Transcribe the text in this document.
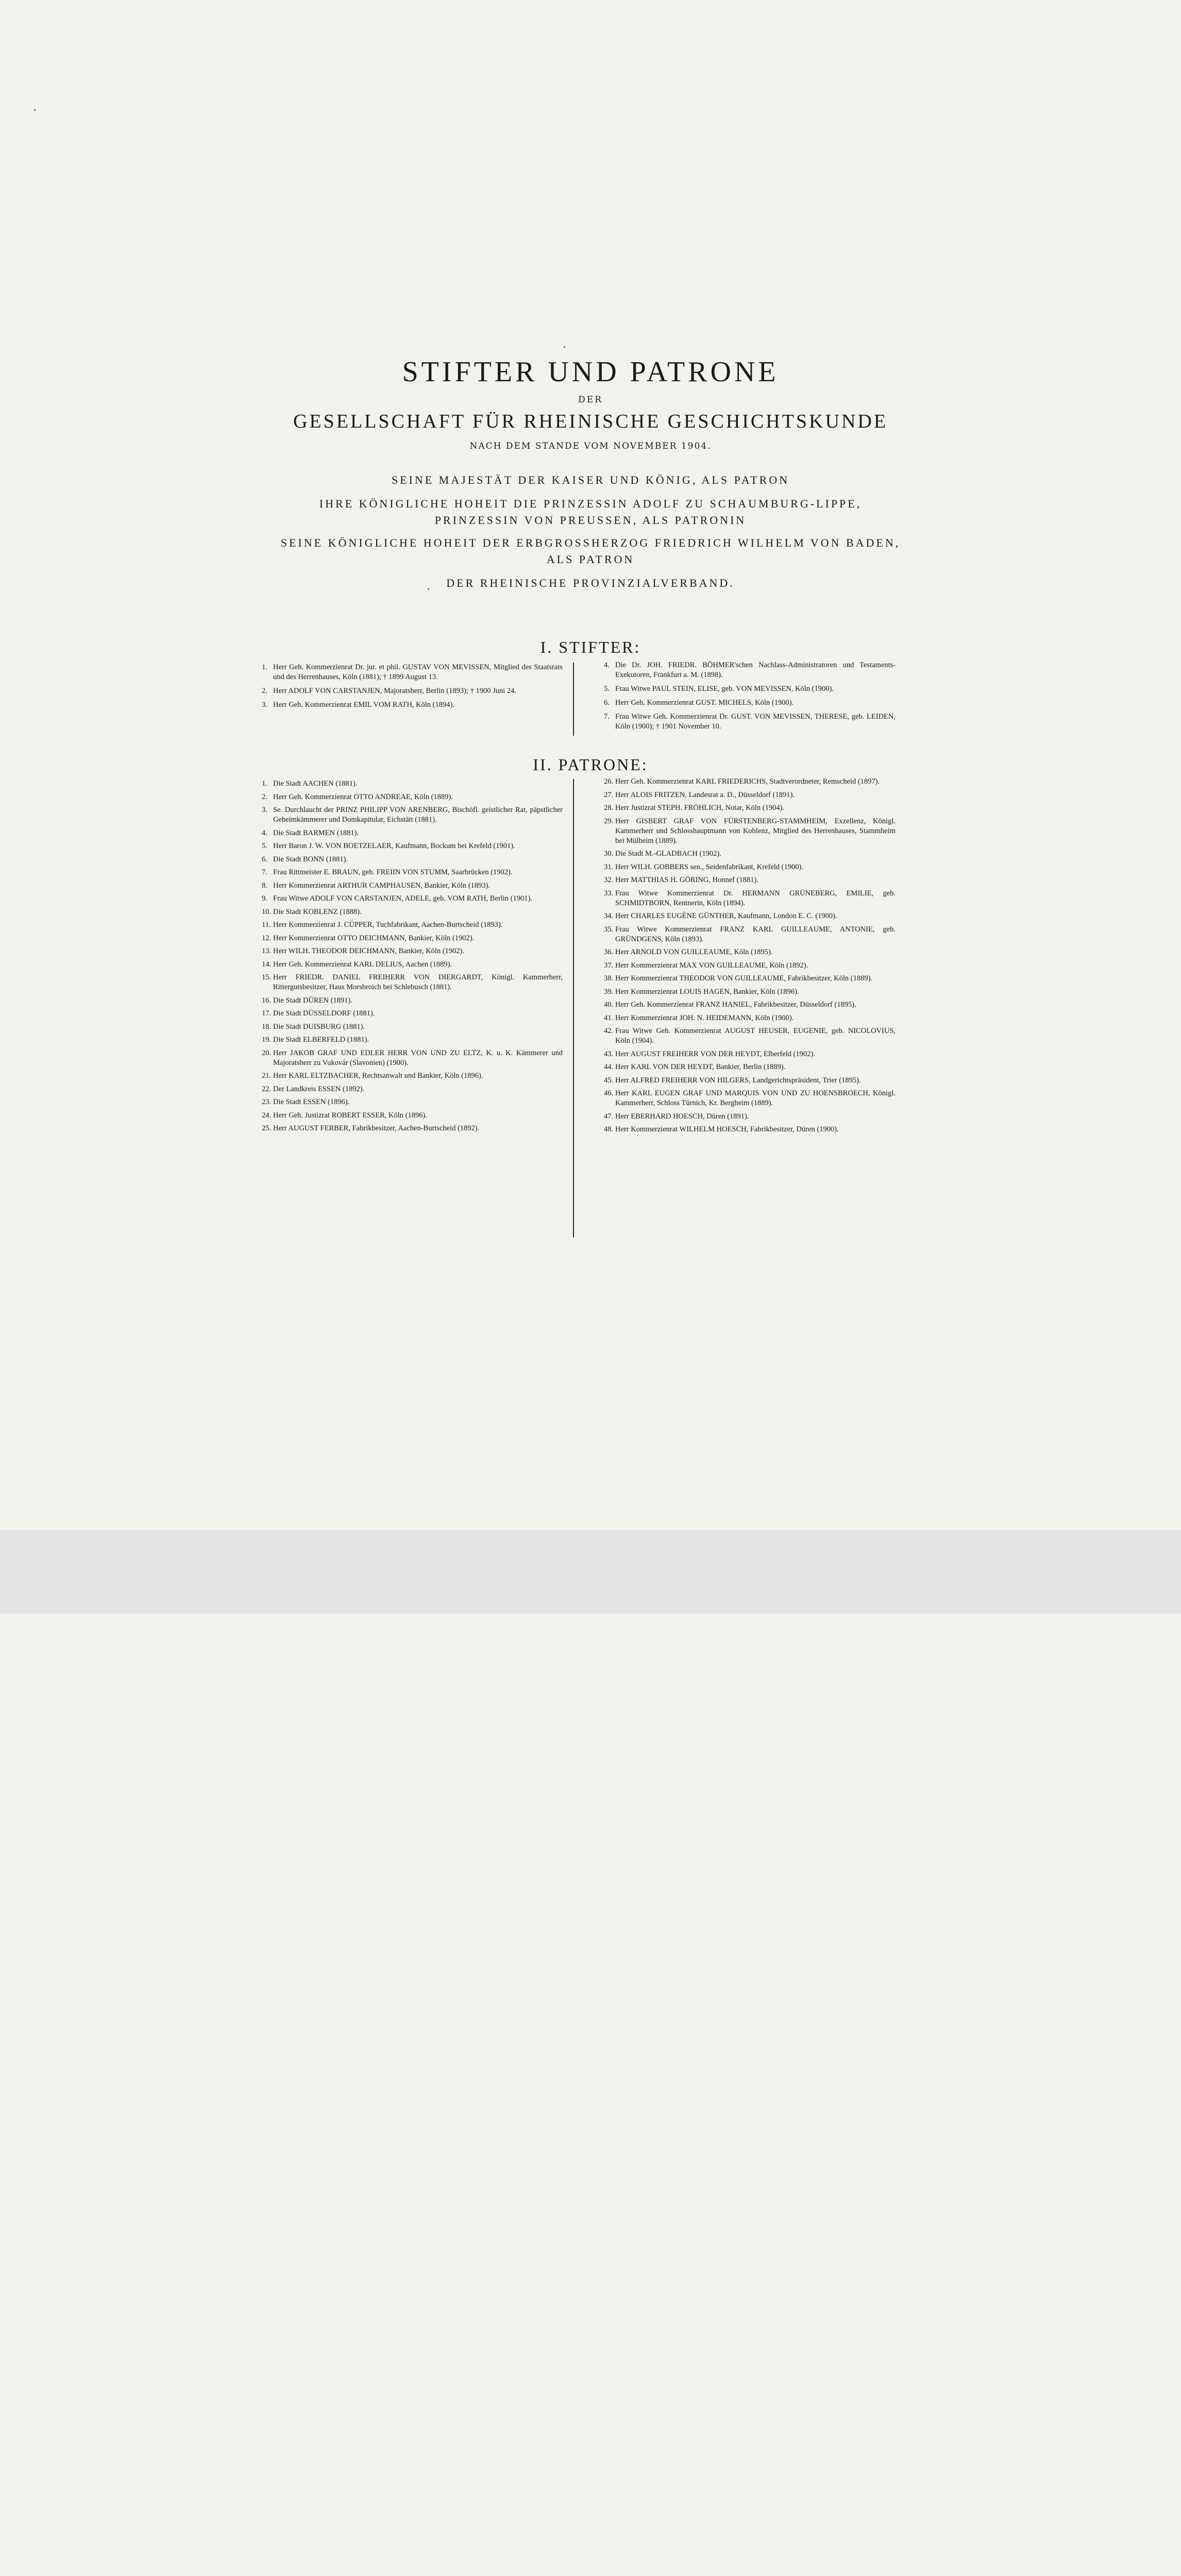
STIFTER UND PATRONE
DER
GESELLSCHAFT FÜR RHEINISCHE GESCHICHTSKUNDE
NACH DEM STANDE VOM NOVEMBER 1904.
SEINE MAJESTÄT DER KAISER UND KÖNIG, ALS PATRON
IHRE KÖNIGLICHE HOHEIT DIE PRINZESSIN ADOLF ZU SCHAUMBURG-LIPPE,
PRINZESSIN VON PREUSSEN, ALS PATRONIN
SEINE KÖNIGLICHE HOHEIT DER ERBGROSSHERZOG FRIEDRICH WILHELM VON BADEN,
ALS PATRON
DER RHEINISCHE PROVINZIALVERBAND.
I. STIFTER:
1. Herr Geh. Kommerzienrat Dr. jur. et phil. GUSTAV VON MEVISSEN, Mitglied des Staatsrats und des Herrenhauses, Köln (1881); † 1899 August 13.
2. Herr ADOLF VON CARSTANJEN, Majoratsherr, Berlin (1893); † 1900 Juni 24.
3. Herr Geh. Kommerzienrat EMIL VOM RATH, Köln (1894).
4. Die Dr. JOH. FRIEDR. BÖHMER'schen Nachlass-Administratoren und Testaments-Exekutoren, Frankfurt a. M. (1898).
5. Frau Witwe PAUL STEIN, ELISE, geb. VON MEVISSEN, Köln (1900).
6. Herr Geh. Kommerzienrat GUST. MICHELS, Köln (1900).
7. Frau Witwe Geh. Kommerzienrat Dr. GUST. VON MEVISSEN, THERESE, geb. LEIDEN, Köln (1900); † 1901 November 10.
II. PATRONE:
1. Die Stadt AACHEN (1881).
2. Herr Geh. Kommerzienrat OTTO ANDREAE, Köln (1889).
3. Se. Durchlaucht der PRINZ PHILIPP VON ARENBERG, Bischöfl. geistlicher Rat, päpstlicher Geheimkämmerer und Domkapitular, Eichstätt (1881).
4. Die Stadt BARMEN (1881).
5. Herr Baron J. W. VON BOETZELAER, Kaufmann, Bockum bei Krefeld (1901).
6. Die Stadt BONN (1881).
7. Frau Rittmeister E. BRAUN, geb. FREIIN VON STUMM, Saarbrücken (1902).
8. Herr Kommerzienrat ARTHUR CAMPHAUSEN, Bankier, Köln (1893).
9. Frau Witwe ADOLF VON CARSTANJEN, ADELE, geb. VOM RATH, Berlin (1901).
10. Die Stadt KOBLENZ (1888).
11. Herr Kommerzienrat J. CÜPPER, Tuchfabrikant, Aachen-Burtscheid (1893).
12. Herr Kommerzienrat OTTO DEICHMANN, Bankier, Köln (1902).
13. Herr WILH. THEODOR DEICHMANN, Bankier, Köln (1902).
14. Herr Geh. Kommerzienrat KARL DELIUS, Aachen (1889).
15. Herr FRIEDR. DANIEL FREIHERR VON DIERGARDT, Königl. Kammerherr, Rittergutsbesitzer, Haus Morsbroich bei Schlebusch (1881).
16. Die Stadt DÜREN (1891).
17. Die Stadt DÜSSELDORF (1881).
18. Die Stadt DUISBURG (1881).
19. Die Stadt ELBERFELD (1881).
20. Herr JAKOB GRAF UND EDLER HERR VON UND ZU ELTZ, K. u. K. Kämmerer und Majoratsherr zu Vukovár (Slavonien) (1900).
21. Herr KARL ELTZBACHER, Rechtsanwalt und Bankier, Köln (1896).
22. Der Landkreis ESSEN (1892).
23. Die Stadt ESSEN (1896).
24. Herr Geh. Justizrat ROBERT ESSER, Köln (1896).
25. Herr AUGUST FERBER, Fabrikbesitzer, Aachen-Burtscheid (1892).
26. Herr Geh. Kommerzienrat KARL FRIEDERICHS, Stadtverordneter, Remscheid (1897).
27. Herr ALOIS FRITZEN, Landesrat a. D., Düsseldorf (1891).
28. Herr Justizrat STEPH. FRÖHLICH, Notar, Köln (1904).
29. Herr GISBERT GRAF VON FÜRSTENBERG-STAMMHEIM, Exzellenz, Königl. Kammerherr und Schlosshauptmann von Koblenz, Mitglied des Herrenhauses, Stammheim bei Mülheim (1889).
30. Die Stadt M.-GLADBACH (1902).
31. Herr WILH. GOBBERS sen., Seidenfabrikant, Krefeld (1900).
32. Herr MATTHIAS H. GÖRING, Honnef (1881).
33. Frau Witwe Kommerzienrat Dr. HERMANN GRÜNEBERG, EMILIE, geb. SCHMIDTBORN, Rentnerin, Köln (1894).
34. Herr CHARLES EUGÈNE GÜNTHER, Kaufmann, London E. C. (1900).
35. Frau Witwe Kommerzienrat FRANZ KARL GUILLEAUME, ANTONIE, geb. GRÜNDGENS, Köln (1893).
36. Herr ARNOLD VON GUILLEAUME, Köln (1895).
37. Herr Kommerzienrat MAX VON GUILLEAUME, Köln (1892).
38. Herr Kommerzienrat THEODOR VON GUILLEAUME, Fabrikbesitzer, Köln (1889).
39. Herr Kommerzienrat LOUIS HAGEN, Bankier, Köln (1896).
40. Herr Geh. Kommerzienrat FRANZ HANIEL, Fabrikbesitzer, Düsseldorf (1895).
41. Herr Kommerzienrat JOH. N. HEIDEMANN, Köln (1900).
42. Frau Witwe Geh. Kommerzienrat AUGUST HEUSER, EUGENIE, geb. NICOLOVIUS, Köln (1904).
43. Herr AUGUST FREIHERR VON DER HEYDT, Elberfeld (1902).
44. Herr KARL VON DER HEYDT, Bankier, Berlin (1889).
45. Herr ALFRED FREIHERR VON HILGERS, Landgerichtspräsident, Trier (1895).
46. Herr KARL EUGEN GRAF UND MARQUIS VON UND ZU HOENSBROECH, Königl. Kammerherr, Schloss Türnich, Kr. Bergheim (1889).
47. Herr EBERHARD HOESCH, Düren (1891).
48. Herr Kommerzienrat WILHELM HOESCH, Fabrikbesitzer, Düren (1900).
